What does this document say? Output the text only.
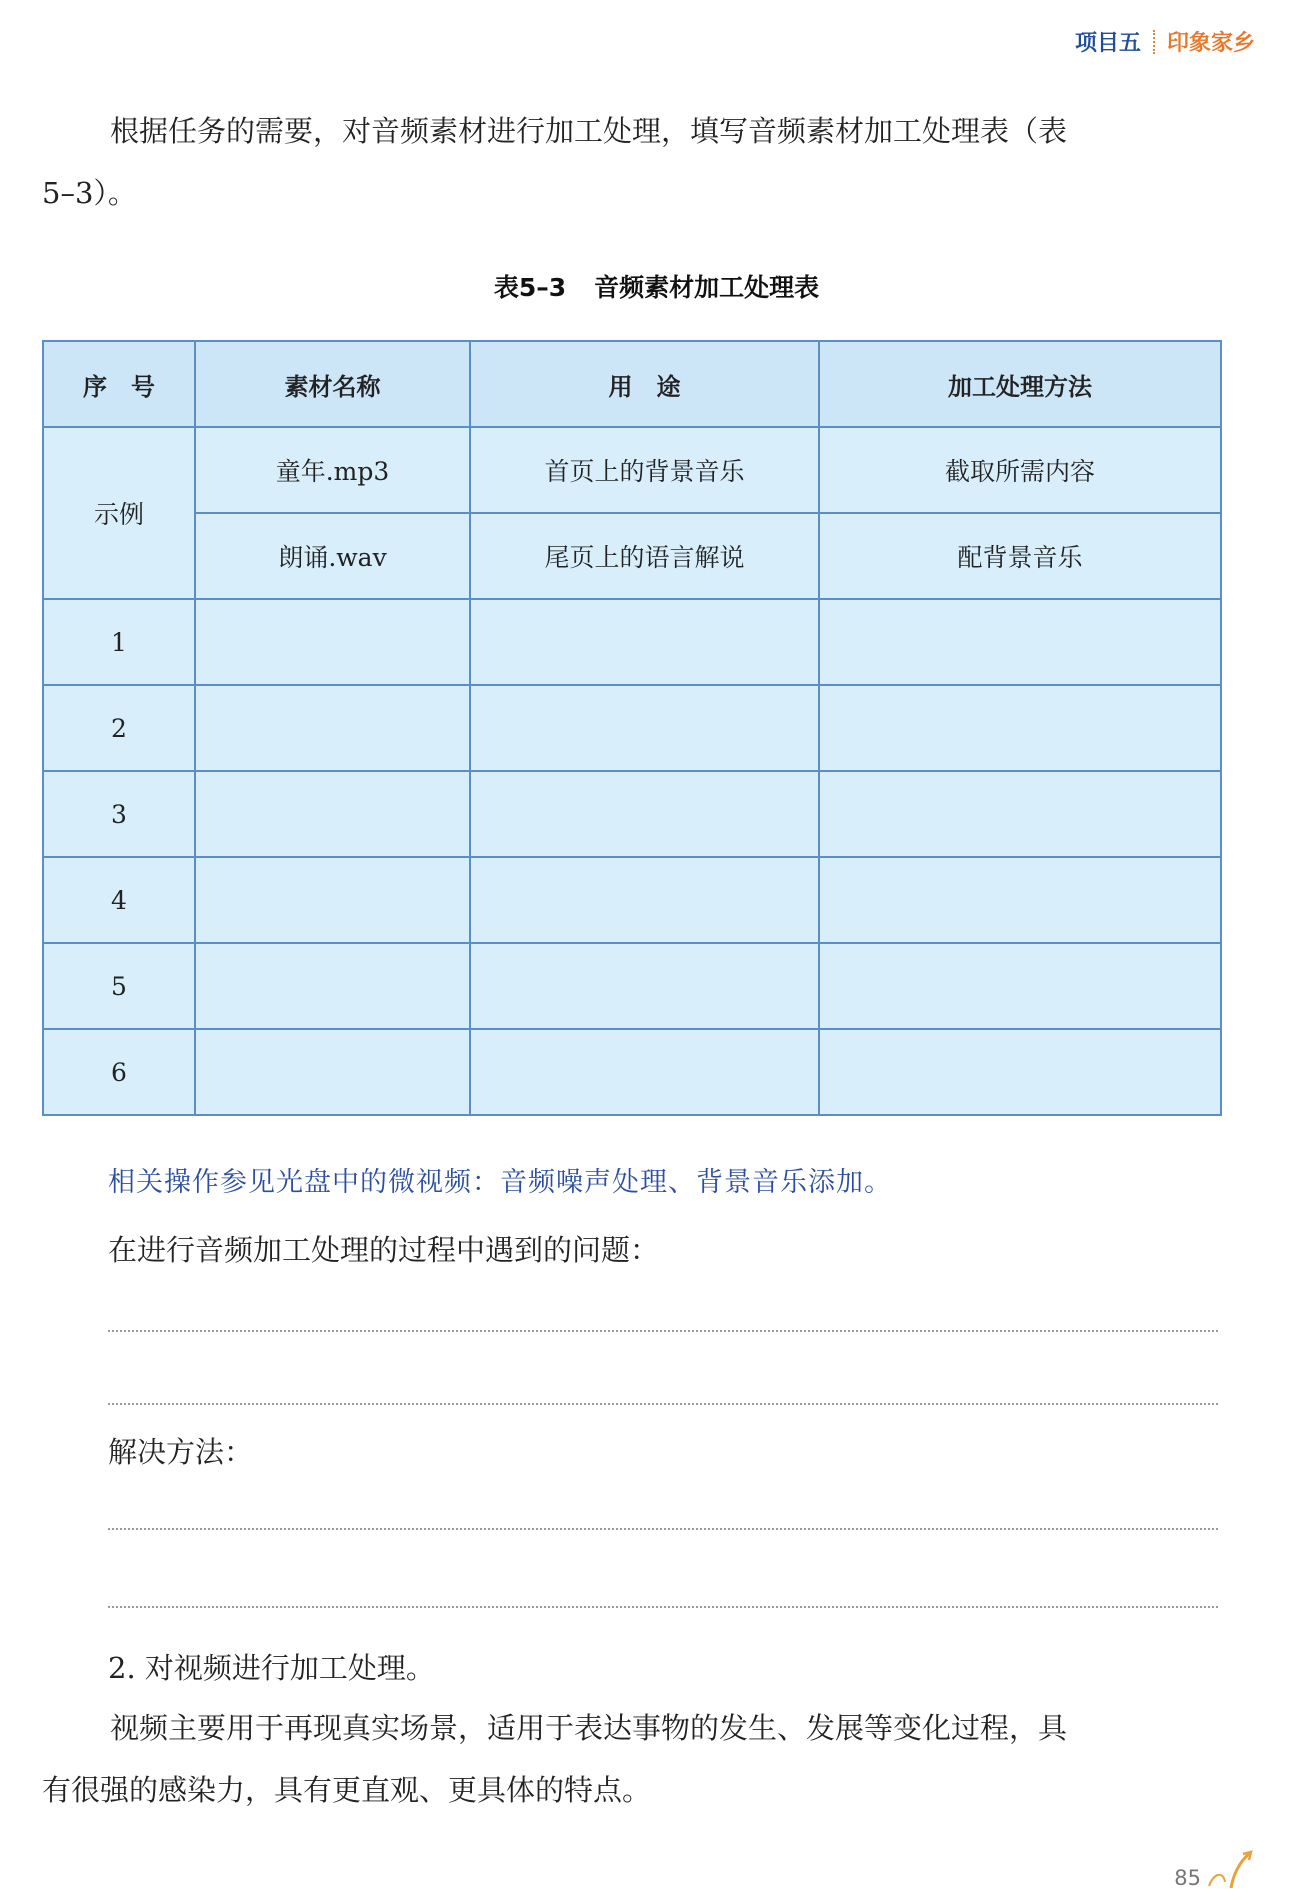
项目五 印象家乡
根据任务的需要，对音频素材进行加工处理，填写音频素材加工处理表（表
5–3）。
表5–3 音频素材加工处理表
序　号	素材名称	用　途	加工处理方法
示例	童年.mp3	首页上的背景音乐	截取所需内容
	朗诵.wav	尾页上的语言解说	配背景音乐
1			
2			
3			
4			
5			
6			
相关操作参见光盘中的微视频：音频噪声处理、背景音乐添加。
在进行音频加工处理的过程中遇到的问题：
解决方法：
2. 对视频进行加工处理。
视频主要用于再现真实场景，适用于表达事物的发生、发展等变化过程，具
有很强的感染力，具有更直观、更具体的特点。
85
